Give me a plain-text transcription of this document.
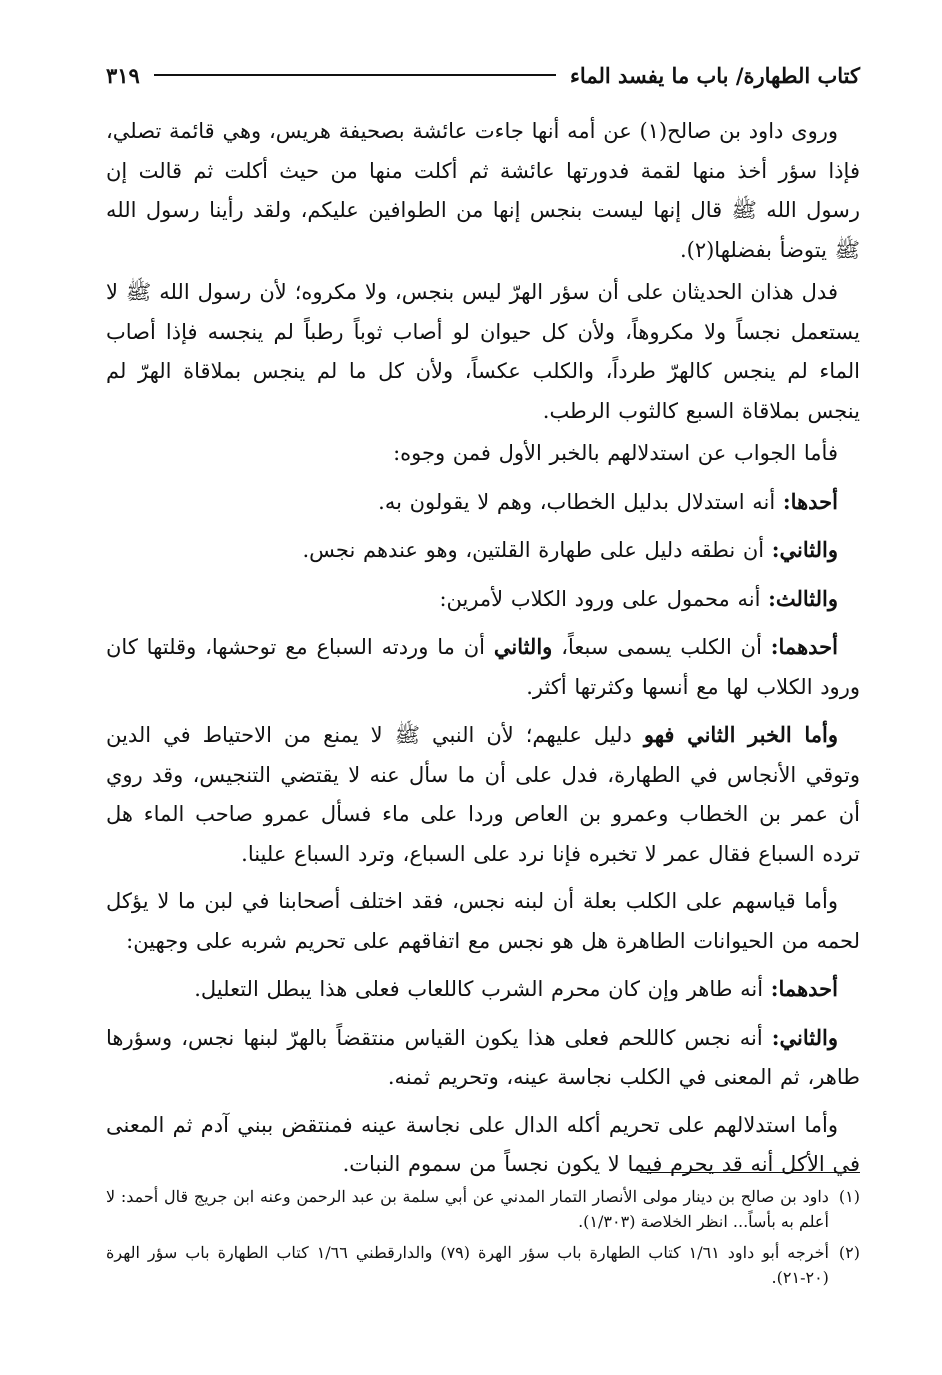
كتاب الطهارة/ باب ما يفسد الماء
٣١٩

وروى داود بن صالح(١) عن أمه أنها جاءت عائشة بصحيفة هريس، وهي قائمة تصلي، فإذا سؤر أخذ منها لقمة فدورتها عائشة ثم أكلت منها من حيث أكلت ثم قالت إن رسول الله ﷺ قال إنها ليست بنجس إنها من الطوافين عليكم، ولقد رأينا رسول الله ﷺ يتوضأ بفضلها(٢).

فدل هذان الحديثان على أن سؤر الهرّ ليس بنجس، ولا مكروه؛ لأن رسول الله ﷺ لا يستعمل نجساً ولا مكروهاً، ولأن كل حيوان لو أصاب ثوباً رطباً لم ينجسه فإذا أصاب الماء لم ينجس كالهرّ طرداً، والكلب عكساً، ولأن كل ما لم ينجس بملاقاة الهرّ لم ينجس بملاقاة السبع كالثوب الرطب.

فأما الجواب عن استدلالهم بالخبر الأول فمن وجوه:

أحدها: أنه استدلال بدليل الخطاب، وهم لا يقولون به.

والثاني: أن نطقه دليل على طهارة القلتين، وهو عندهم نجس.

والثالث: أنه محمول على ورود الكلاب لأمرين:

أحدهما: أن الكلب يسمى سبعاً، والثاني أن ما وردته السباع مع توحشها، وقلتها كان ورود الكلاب لها مع أنسها وكثرتها أكثر.

وأما الخبر الثاني فهو دليل عليهم؛ لأن النبي ﷺ لا يمنع من الاحتياط في الدين وتوقي الأنجاس في الطهارة، فدل على أن ما سأل عنه لا يقتضي التنجيس، وقد روي أن عمر بن الخطاب وعمرو بن العاص وردا على ماء فسأل عمرو صاحب الماء هل ترده السباع فقال عمر لا تخبره فإنا نرد على السباع، وترد السباع علينا.

وأما قياسهم على الكلب بعلة أن لبنه نجس، فقد اختلف أصحابنا في لبن ما لا يؤكل لحمه من الحيوانات الطاهرة هل هو نجس مع اتفاقهم على تحريم شربه على وجهين:

أحدهما: أنه طاهر وإن كان محرم الشرب كاللعاب فعلى هذا يبطل التعليل.

والثاني: أنه نجس كاللحم فعلى هذا يكون القياس منتقضاً بالهرّ لبنها نجس، وسؤرها طاهر، ثم المعنى في الكلب نجاسة عينه، وتحريم ثمنه.

وأما استدلالهم على تحريم أكله الدال على نجاسة عينه فمنتقض ببني آدم ثم المعنى في الأكل أنه قد يحرم فيما لا يكون نجساً من سموم النبات.

(١)
داود بن صالح بن دينار مولى الأنصار التمار المدني عن أبي سلمة بن عبد الرحمن وعنه ابن جريج قال أحمد: لا أعلم به بأساً... انظر الخلاصة (١/٣٠٣).

(٢)
أخرجه أبو داود ١/٦١ كتاب الطهارة باب سؤر الهرة (٧٩) والدارقطني ١/٦٦ كتاب الطهارة باب سؤر الهرة (٢٠-٢١).
